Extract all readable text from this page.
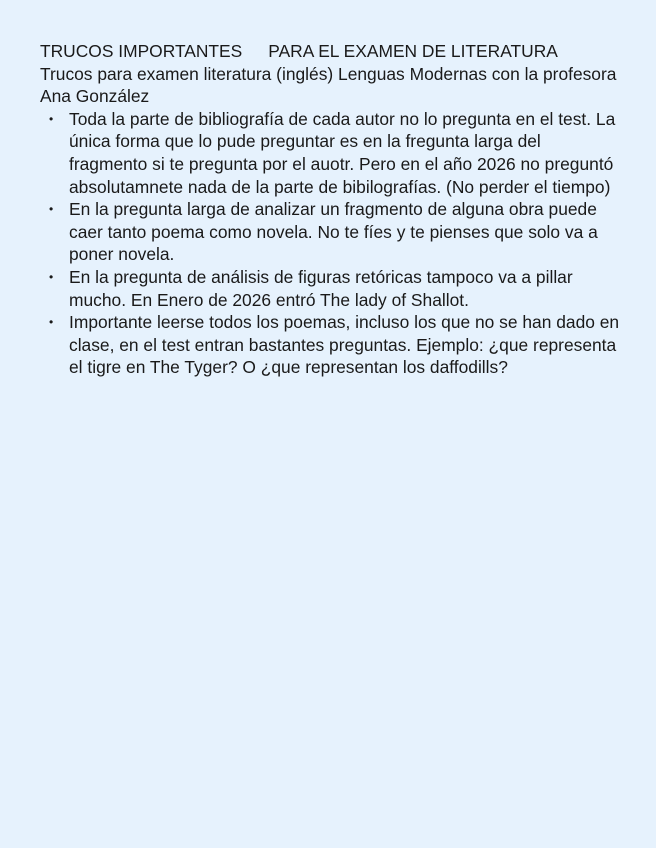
TRUCOS IMPORTANTES PARA EL EXAMEN DE LITERATURA

Trucos para examen literatura (inglés) Lenguas Modernas con la profesora Ana González

• Toda la parte de bibliografía de cada autor no lo pregunta en el test. La única forma que lo pude preguntar es en la fregunta larga del fragmento si te pregunta por el auotr. Pero en el año 2026 no preguntó absolutamnete nada de la parte de bibilografías. (No perder el tiempo)
• En la pregunta larga de analizar un fragmento de alguna obra puede caer tanto poema como novela. No te fíes y te pienses que solo va a poner novela.
• En la pregunta de análisis de figuras retóricas tampoco va a pillar mucho. En Enero de 2026 entró The lady of Shallot.
• Importante leerse todos los poemas, incluso los que no se han dado en clase, en el test entran bastantes preguntas. Ejemplo: ¿que representa el tigre en The Tyger? O ¿que representan los daffodills?
